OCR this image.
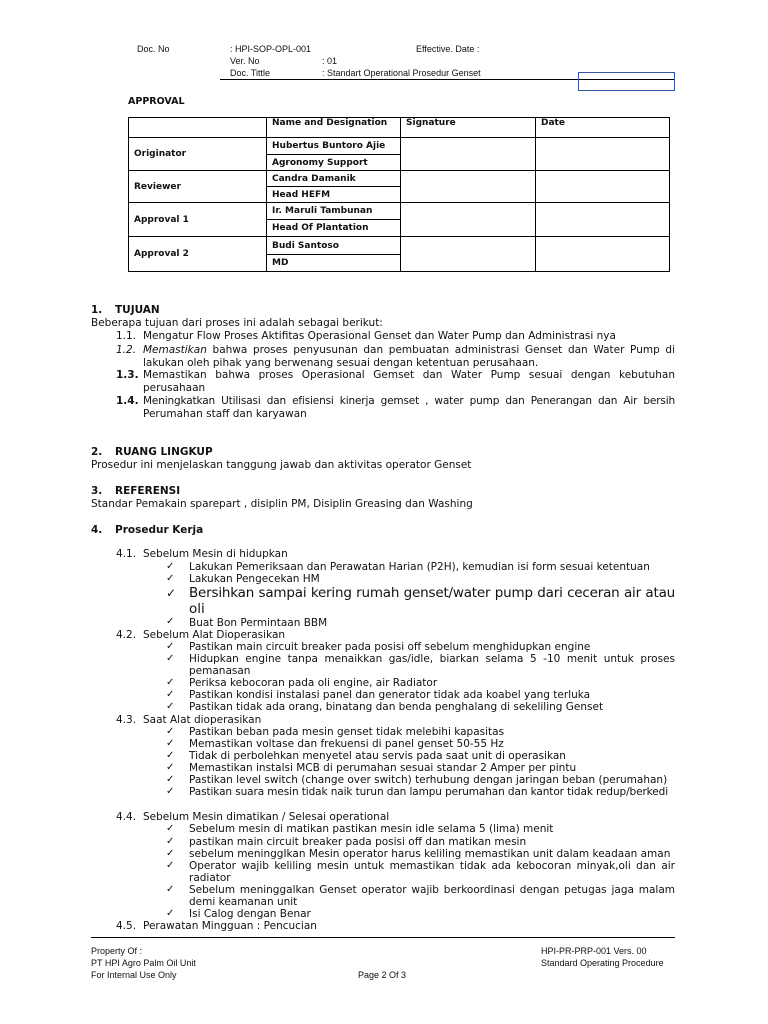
Doc. No	: HPI-SOP-OPL-001	Effective. Date :
Ver. No	: 01
Doc. Tittle	: Standart Operational Prosedur Genset
APPROVAL
	Name and Designation	Signature	Date
Originator	Hubertus Buntoro Ajie		
	Agronomy Support		
Reviewer	Candra Damanik		
	Head HEFM		
Approval 1	Ir. Maruli Tambunan		
	Head Of Plantation		
Approval 2	Budi Santoso		
	MD		
1. TUJUAN
Beberapa tujuan dari proses ini adalah sebagai berikut:
1.1. Mengatur Flow Proses Aktifitas Operasional Genset dan Water Pump dan Administrasi nya
1.2. Memastikan bahwa proses penyusunan dan pembuatan administrasi Genset dan Water Pump di
lakukan oleh pihak yang berwenang sesuai dengan ketentuan perusahaan.
1.3. Memastikan bahwa proses Operasional Gemset dan Water Pump sesuai dengan kebutuhan
perusahaan
1.4. Meningkatkan Utilisasi dan efisiensi kinerja gemset , water pump dan Penerangan dan Air bersih
Perumahan staff dan karyawan
2. RUANG LINGKUP
Prosedur ini menjelaskan tanggung jawab dan aktivitas operator Genset
3. REFERENSI
Standar Pemakain sparepart , disiplin PM, Disiplin Greasing dan Washing
4. Prosedur Kerja
4.1. Sebelum Mesin di hidupkan
✓ Lakukan Pemeriksaan dan Perawatan Harian (P2H), kemudian isi form sesuai ketentuan
✓ Lakukan Pengecekan HM
✓ Bersihkan sampai kering rumah genset/water pump dari ceceran air atau
oli
✓ Buat Bon Permintaan BBM
4.2. Sebelum Alat Dioperasikan
✓ Pastikan main circuit breaker pada posisi off sebelum menghidupkan engine
✓ Hidupkan engine tanpa menaikkan gas/idle, biarkan selama 5 -10 menit untuk proses
pemanasan
✓ Periksa kebocoran pada oli engine, air Radiator
✓ Pastikan kondisi instalasi panel dan generator tidak ada koabel yang terluka
✓ Pastikan tidak ada orang, binatang dan benda penghalang di sekeliling Genset
4.3. Saat Alat dioperasikan
✓ Pastikan beban pada mesin genset tidak melebihi kapasitas
✓ Memastikan voltase dan frekuensi di panel genset 50-55 Hz
✓ Tidak di perbolehkan menyetel atau servis pada saat unit di operasikan
✓ Memastikan instalsi MCB di perumahan sesuai standar 2 Amper per pintu
✓ Pastikan level switch (change over switch) terhubung dengan jaringan beban (perumahan)
✓ Pastikan suara mesin tidak naik turun dan lampu perumahan dan kantor tidak redup/berkedi
4.4. Sebelum Mesin dimatikan / Selesai operational
✓ Sebelum mesin di matikan pastikan mesin idle selama 5 (lima) menit
✓ pastikan main circuit breaker pada posisi off dan matikan mesin
✓ sebelum meninggIkan Mesin operator harus keliling memastikan unit dalam keadaan aman
✓ Operator wajib keliling mesin untuk memastikan tidak ada kebocoran minyak,oli dan air
radiator
✓ Sebelum meninggalkan Genset operator wajib berkoordinasi dengan petugas jaga malam
demi keamanan unit
✓ Isi Calog dengan Benar
4.5. Perawatan Mingguan : Pencucian
Property Of :
PT HPI Agro Palm Oil Unit
For Internal Use Only	Page 2 Of 3
HPI-PR-PRP-001 Vers. 00
Standard Operating Procedure
